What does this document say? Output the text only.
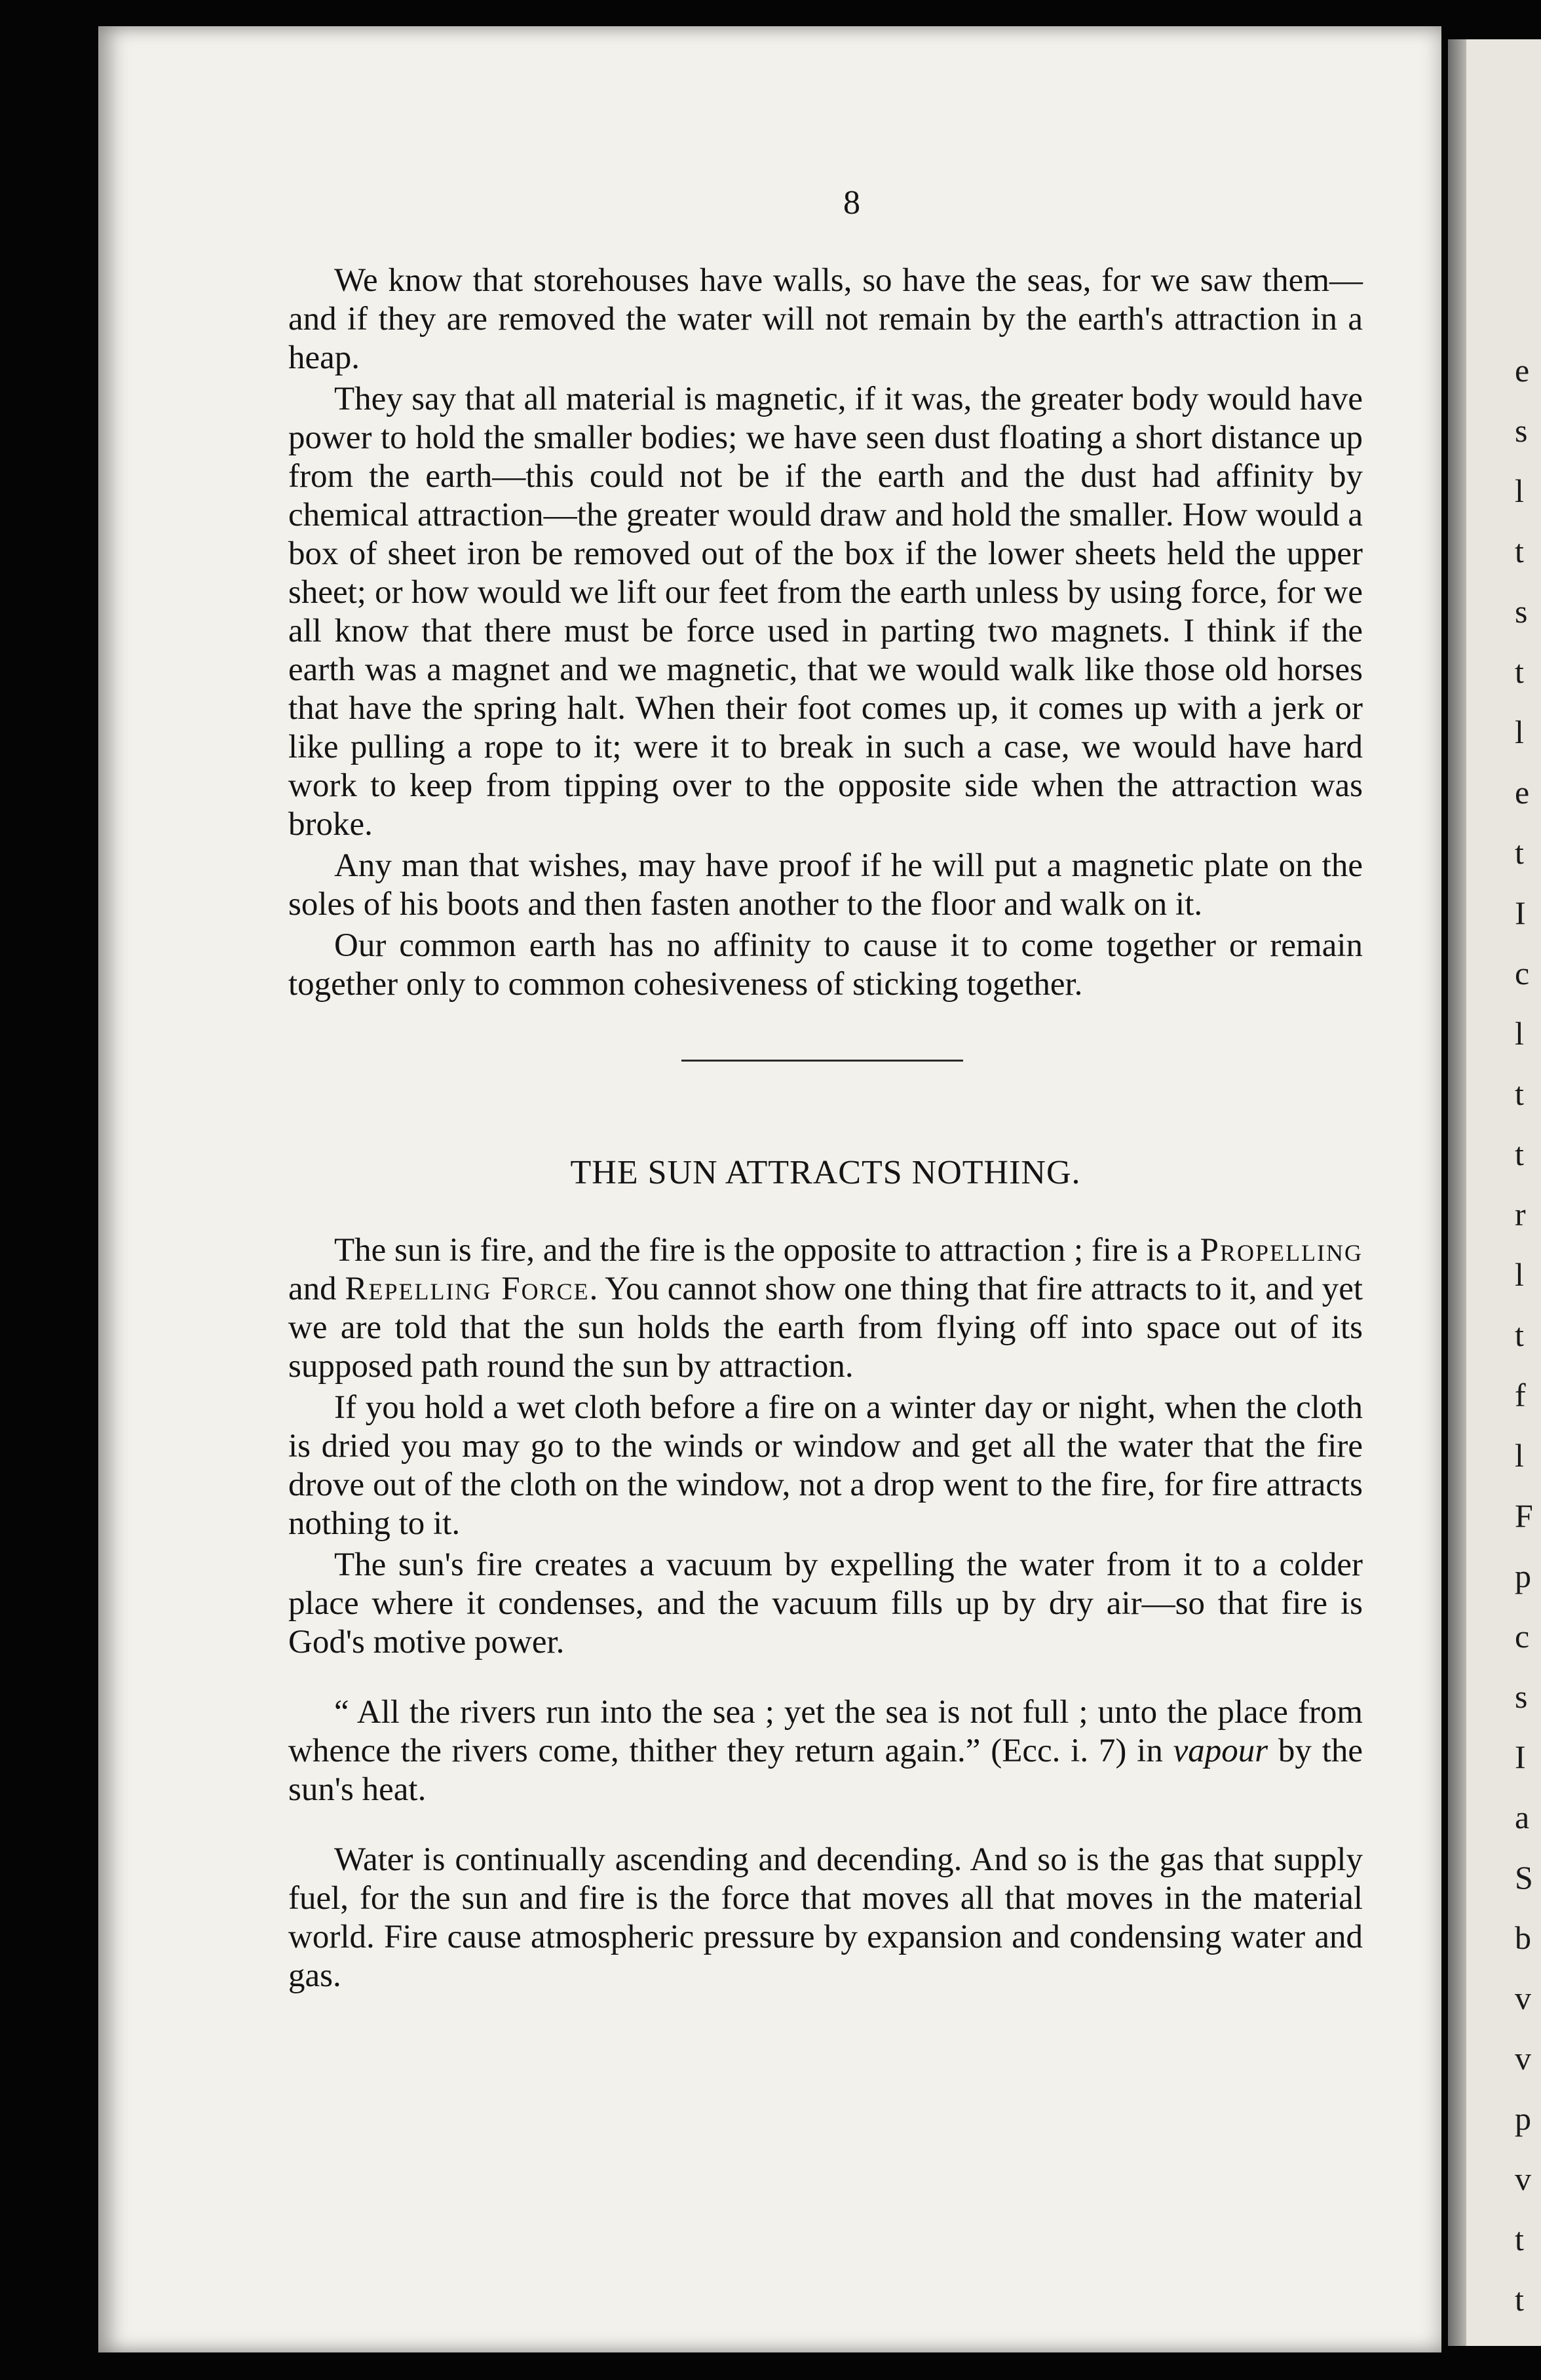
e
s
l
t
s
t
l
e
t
I
c
l
t
t
r
l
t
f
l
F
p
c
s
I
a
S
b
v
v
p
v
t
t
8

We know that storehouses have walls, so have the seas, for we saw them—and if they are removed the water will not remain by the earth's attraction in a heap.

They say that all material is magnetic, if it was, the greater body would have power to hold the smaller bodies; we have seen dust floating a short distance up from the earth—this could not be if the earth and the dust had affinity by chemical attraction—the greater would draw and hold the smaller. How would a box of sheet iron be removed out of the box if the lower sheets held the upper sheet; or how would we lift our feet from the earth unless by using force, for we all know that there must be force used in parting two magnets. I think if the earth was a magnet and we magnetic, that we would walk like those old horses that have the spring halt. When their foot comes up, it comes up with a jerk or like pulling a rope to it; were it to break in such a case, we would have hard work to keep from tipping over to the opposite side when the attraction was broke.

Any man that wishes, may have proof if he will put a magnetic plate on the soles of his boots and then fasten another to the floor and walk on it.

Our common earth has no affinity to cause it to come together or remain together only to common cohesiveness of sticking together.

THE SUN ATTRACTS NOTHING.

The sun is fire, and the fire is the opposite to attraction ; fire is a Propelling and Repelling Force. You cannot show one thing that fire attracts to it, and yet we are told that the sun holds the earth from flying off into space out of its supposed path round the sun by attraction.

If you hold a wet cloth before a fire on a winter day or night, when the cloth is dried you may go to the winds or window and get all the water that the fire drove out of the cloth on the window, not a drop went to the fire, for fire attracts nothing to it.

The sun's fire creates a vacuum by expelling the water from it to a colder place where it condenses, and the vacuum fills up by dry air—so that fire is God's motive power.

“ All the rivers run into the sea ; yet the sea is not full ; unto the place from whence the rivers come, thither they return again.” (Ecc. i. 7) in vapour by the sun's heat.

Water is continually ascending and decending. And so is the gas that supply fuel, for the sun and fire is the force that moves all that moves in the material world. Fire cause atmospheric pressure by expansion and condensing water and gas.
